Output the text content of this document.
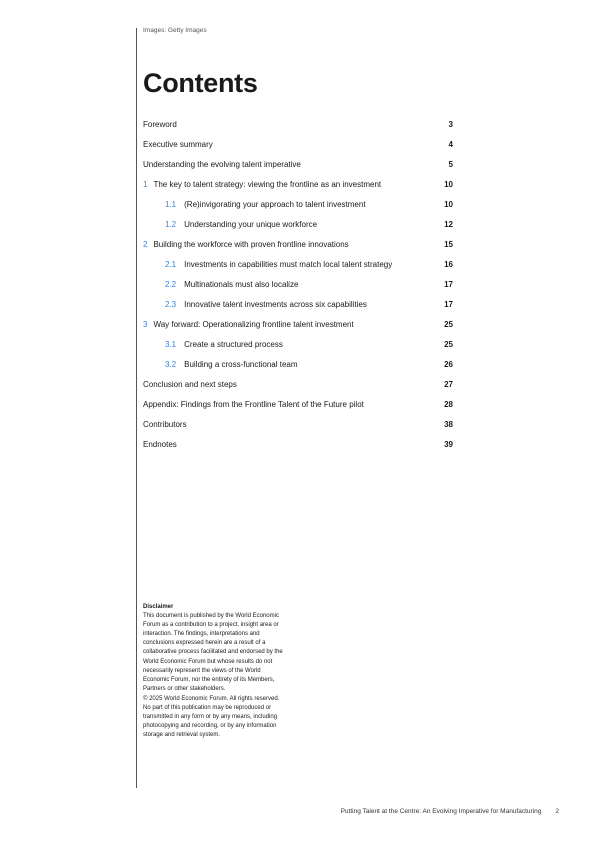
Images: Getty Images
Contents
Foreword	3
Executive summary	4
Understanding the evolving talent imperative	5
1 The key to talent strategy: viewing the frontline as an investment	10
1.1 (Re)invigorating your approach to talent investment	10
1.2 Understanding your unique workforce	12
2 Building the workforce with proven frontline innovations	15
2.1 Investments in capabilities must match local talent strategy	16
2.2 Multinationals must also localize	17
2.3 Innovative talent investments across six capabilities	17
3 Way forward: Operationalizing frontline talent investment	25
3.1 Create a structured process	25
3.2 Building a cross-functional team	26
Conclusion and next steps	27
Appendix: Findings from the Frontline Talent of the Future pilot	28
Contributors	38
Endnotes	39
Disclaimer

This document is published by the World Economic Forum as a contribution to a project, insight area or interaction. The findings, interpretations and conclusions expressed herein are a result of a collaborative process facilitated and endorsed by the World Economic Forum but whose results do not necessarily represent the views of the World Economic Forum, nor the entirety of its Members, Partners or other stakeholders.

© 2025 World Economic Forum. All rights reserved. No part of this publication may be reproduced or transmitted in any form or by any means, including photocopying and recording, or by any information storage and retrieval system.

Putting Talent at the Centre: An Evolving Imperative for Manufacturing 2
